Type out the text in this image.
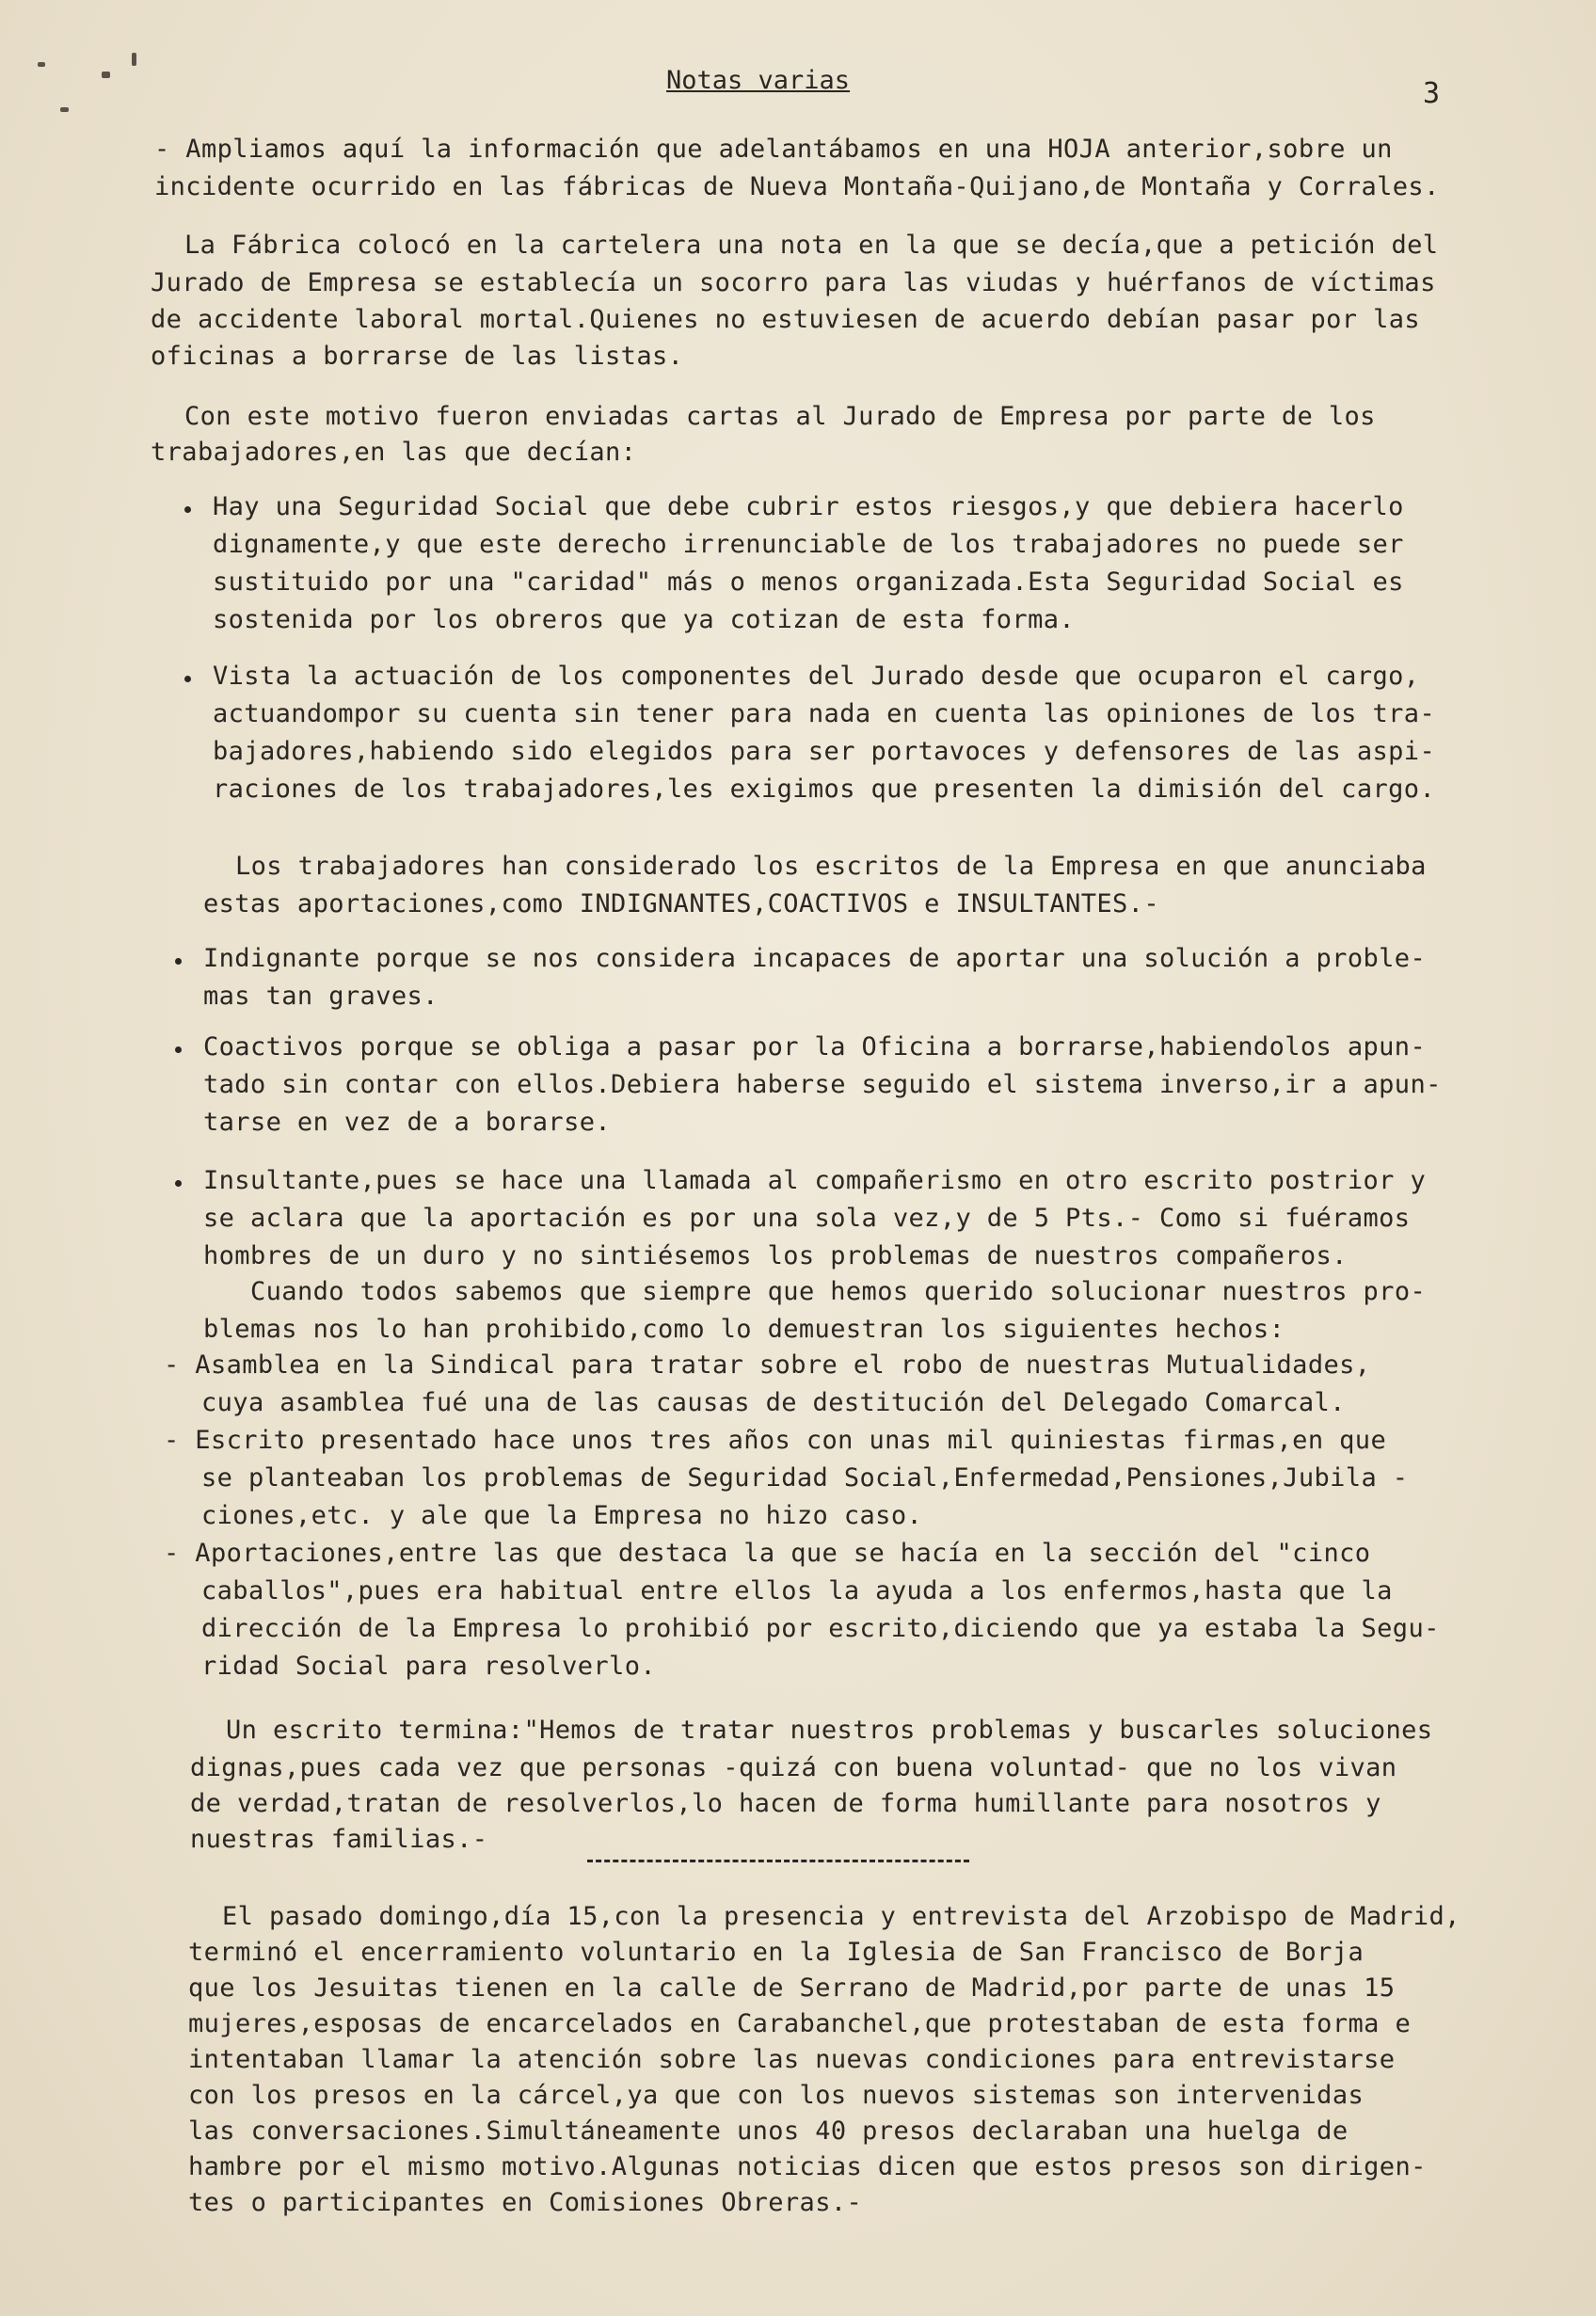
Notas varias	3
- Ampliamos aquí la información que adelantábamos en una HOJA anterior,sobre un
incidente ocurrido en las fábricas de Nueva Montaña-Quijano,de Montaña y Corrales.
La Fábrica colocó en la cartelera una nota en la que se decía,que a petición del
Jurado de Empresa se establecía un socorro para las viudas y huérfanos de víctimas
de accidente laboral mortal.Quienes no estuviesen de acuerdo debían pasar por las
oficinas a borrarse de las listas.
Con este motivo fueron enviadas cartas al Jurado de Empresa por parte de los
trabajadores,en las que decían:
Hay una Seguridad Social que debe cubrir estos riesgos,y que debiera hacerlo
dignamente,y que este derecho irrenunciable de los trabajadores no puede ser
sustituido por una "caridad" más o menos organizada.Esta Seguridad Social es
sostenida por los obreros que ya cotizan de esta forma.
Vista la actuación de los componentes del Jurado desde que ocuparon el cargo,
actuandompor su cuenta sin tener para nada en cuenta las opiniones de los tra-
bajadores,habiendo sido elegidos para ser portavoces y defensores de las aspi-
raciones de los trabajadores,les exigimos que presenten la dimisión del cargo.
Los trabajadores han considerado los escritos de la Empresa en que anunciaba
estas aportaciones,como INDIGNANTES,COACTIVOS e INSULTANTES.-
Indignante porque se nos considera incapaces de aportar una solución a proble-
mas tan graves.
Coactivos porque se obliga a pasar por la Oficina a borrarse,habiendolos apun-
tado sin contar con ellos.Debiera haberse seguido el sistema inverso,ir a apun-
tarse en vez de a borarse.
Insultante,pues se hace una llamada al compañerismo en otro escrito postrior y
se aclara que la aportación es por una sola vez,y de 5 Pts.- Como si fuéramos
hombres de un duro y no sintiésemos los problemas de nuestros compañeros.
Cuando todos sabemos que siempre que hemos querido solucionar nuestros pro-
blemas nos lo han prohibido,como lo demuestran los siguientes hechos:
- Asamblea en la Sindical para tratar sobre el robo de nuestras Mutualidades,
cuya asamblea fué una de las causas de destitución del Delegado Comarcal.
- Escrito presentado hace unos tres años con unas mil quiniestas firmas,en que
se planteaban los problemas de Seguridad Social,Enfermedad,Pensiones,Jubila -
ciones,etc. y ale que la Empresa no hizo caso.
- Aportaciones,entre las que destaca la que se hacía en la sección del "cinco
caballos",pues era habitual entre ellos la ayuda a los enfermos,hasta que la
dirección de la Empresa lo prohibió por escrito,diciendo que ya estaba la Segu-
ridad Social para resolverlo.
Un escrito termina:"Hemos de tratar nuestros problemas y buscarles soluciones
dignas,pues cada vez que personas -quizá con buena voluntad- que no los vivan
de verdad,tratan de resolverlos,lo hacen de forma humillante para nosotros y
nuestras familias.-
El pasado domingo,día 15,con la presencia y entrevista del Arzobispo de Madrid,
terminó el encerramiento voluntario en la Iglesia de San Francisco de Borja
que los Jesuitas tienen en la calle de Serrano de Madrid,por parte de unas 15
mujeres,esposas de encarcelados en Carabanchel,que protestaban de esta forma e
intentaban llamar la atención sobre las nuevas condiciones para entrevistarse
con los presos en la cárcel,ya que con los nuevos sistemas son intervenidas
las conversaciones.Simultáneamente unos 40 presos declaraban una huelga de
hambre por el mismo motivo.Algunas noticias dicen que estos presos son dirigen-
tes o participantes en Comisiones Obreras.-
